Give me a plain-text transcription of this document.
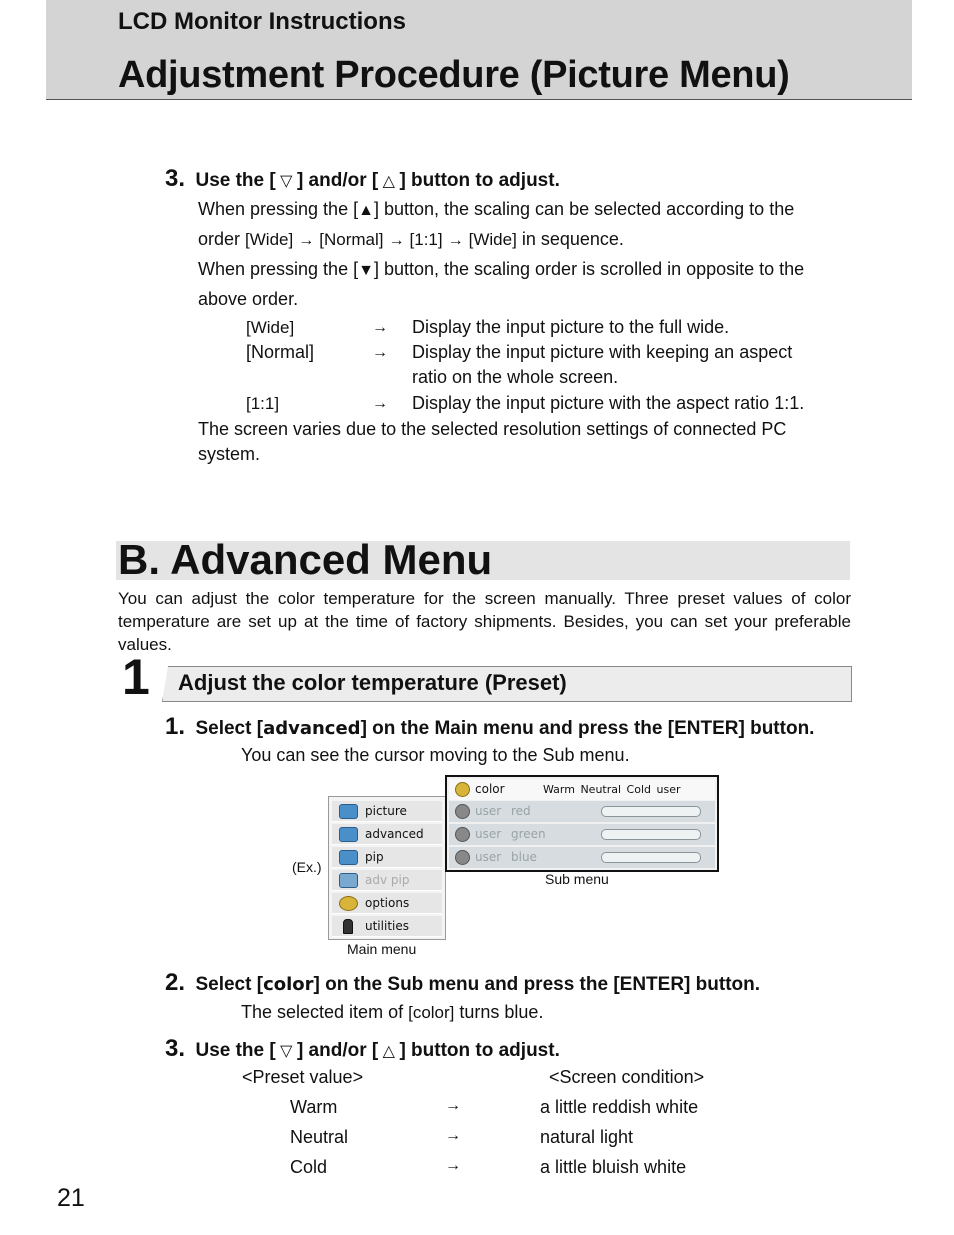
LCD Monitor Instructions
Adjustment Procedure (Picture Menu)
3. Use the [ ▽ ] and/or [ △ ] button to adjust.
When pressing the [▲] button, the scaling can be selected according to the
order [Wide] → [Normal] → [1:1] → [Wide] in sequence.
When pressing the [▼] button, the scaling order is scrolled in opposite to the
above order.
[Wide]	→ Display the input picture to the full wide.
[Normal]	→ Display the input picture with keeping an aspect
ratio on the whole screen.
[1:1]	→ Display the input picture with the aspect ratio 1:1.
The screen varies due to the selected resolution settings of connected PC
system.
B. Advanced Menu
You can adjust the color temperature for the screen manually. Three preset values of color temperature are set up at the time of factory shipments. Besides, you can set your preferable values.
1 Adjust the color temperature (Preset)
1. Select [advanced] on the Main menu and press the [ENTER] button.
You can see the cursor moving to the Sub menu.
(Ex.)
picture
advanced
pip
adv pip
options
utilities
Main menu
color	Warm Neutral Cold user
user red
user green
user blue
Sub menu
2. Select [color] on the Sub menu and press the [ENTER] button.
The selected item of [color] turns blue.
3. Use the [ ▽ ] and/or [ △ ] button to adjust.
<Preset value>	<Screen condition>
Warm	→	a little reddish white
Neutral	→	natural light
Cold	→	a little bluish white
21
